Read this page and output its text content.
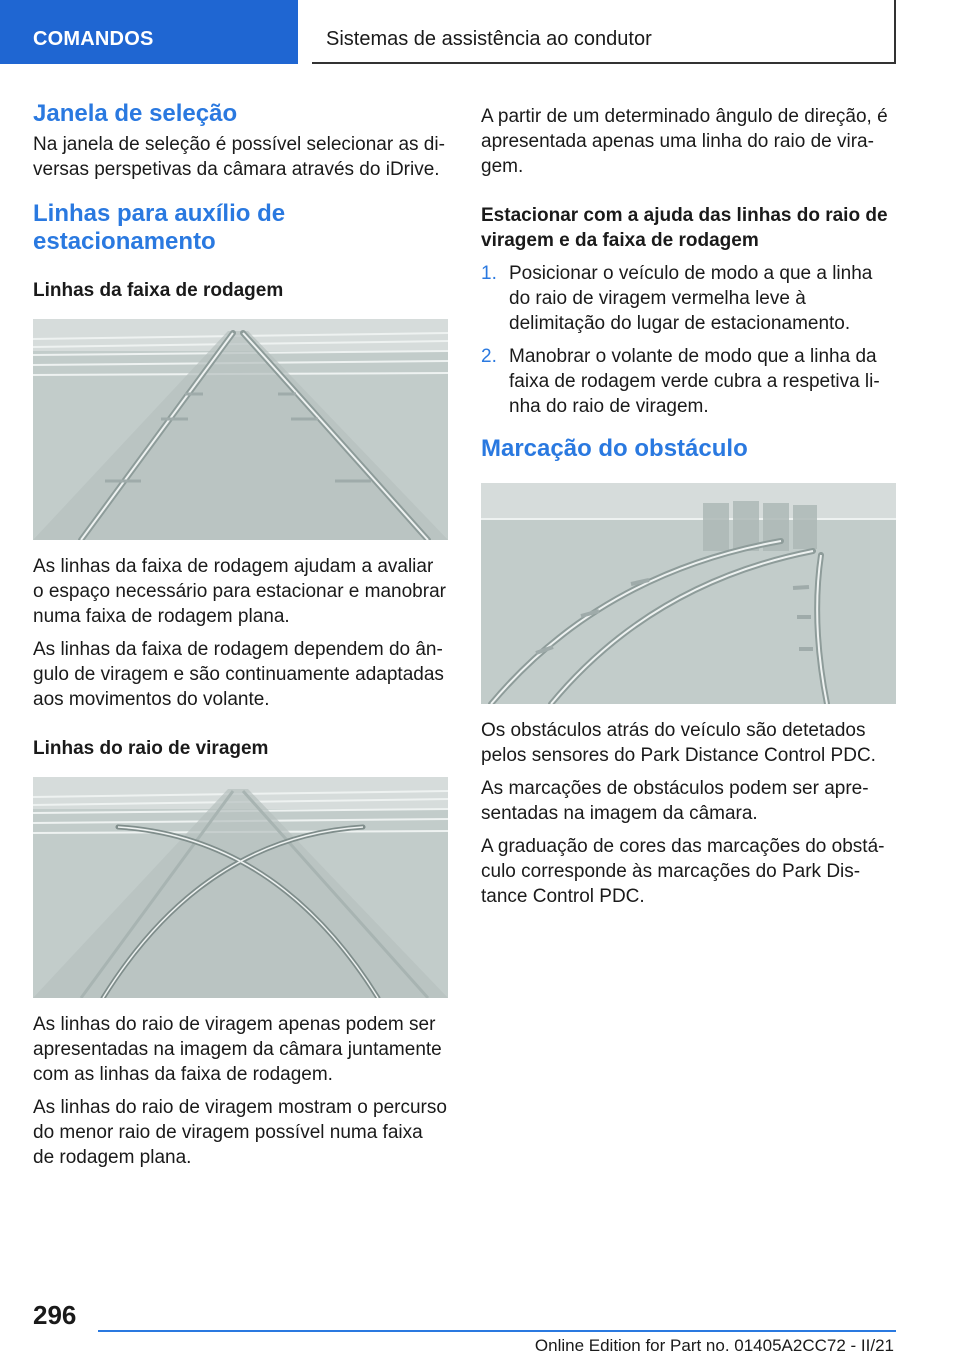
COMANDOS	Sistemas de assistência ao condutor
Janela de seleção

Na janela de seleção é possível selecionar as di-versas perspetivas da câmara através do iDrive.

Linhas para auxílio de estacionamento
Linhas da faixa de rodagem

As linhas da faixa de rodagem ajudam a avaliar o espaço necessário para estacionar e manobrar numa faixa de rodagem plana.

As linhas da faixa de rodagem dependem do ân-gulo de viragem e são continuamente adaptadas aos movimentos do volante.

Linhas do raio de viragem

As linhas do raio de viragem apenas podem ser apresentadas na imagem da câmara juntamente com as linhas da faixa de rodagem.

As linhas do raio de viragem mostram o percurso do menor raio de viragem possível numa faixa de rodagem plana.

A partir de um determinado ângulo de direção, é apresentada apenas uma linha do raio de vira-gem.

Estacionar com a ajuda das linhas do raio de viragem e da faixa de rodagem
1. Posicionar o veículo de modo a que a linha do raio de viragem vermelha leve à delimitação do lugar de estacionamento.
2. Manobrar o volante de modo que a linha da faixa de rodagem verde cubra a respetiva li-nha do raio de viragem.
Marcação do obstáculo

Os obstáculos atrás do veículo são detetados pelos sensores do Park Distance Control PDC.

As marcações de obstáculos podem ser apre-sentadas na imagem da câmara.

A graduação de cores das marcações do obstá-culo corresponde às marcações do Park Dis-tance Control PDC.

296
Online Edition for Part no. 01405A2CC72 - II/21
